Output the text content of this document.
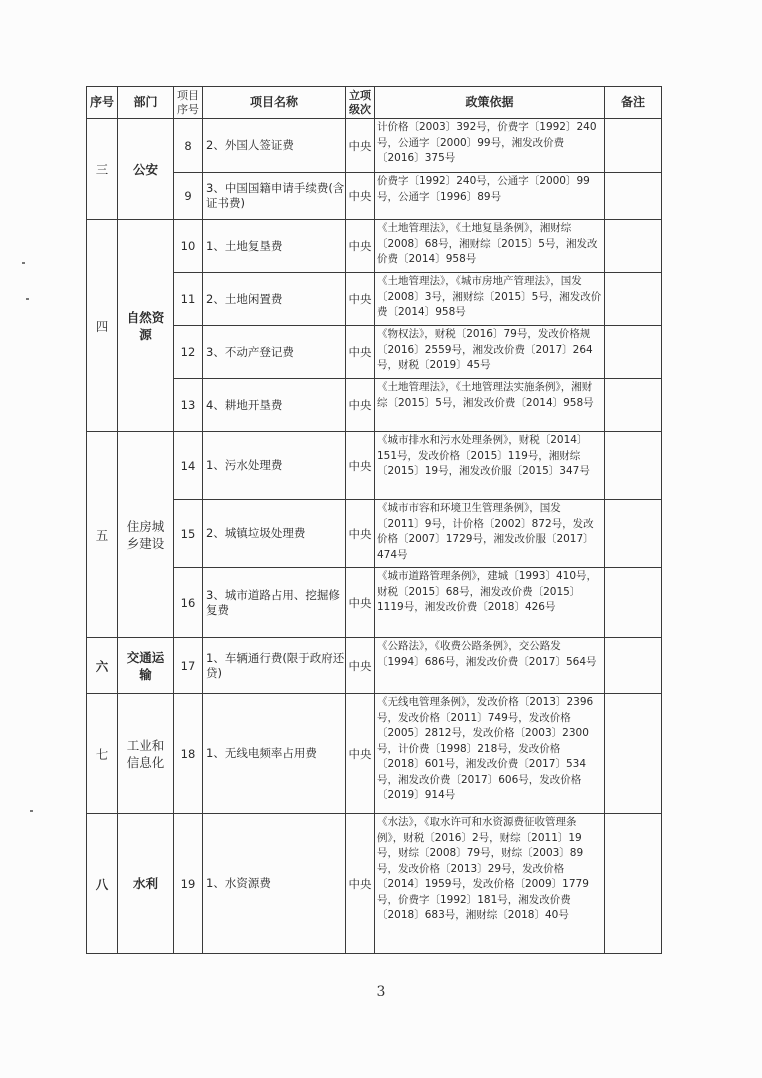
序号	部门	项目序号	项目名称	立项级次	政策依据	备注
三	公安	8	2、外国人签证费	中央	计价格〔2003〕392号，价费字〔1992〕240号，公通字〔2000〕99号，湘发改价费〔2016〕375号	
		9	3、中国国籍申请手续费(含证书费)	中央	价费字〔1992〕240号，公通字〔2000〕99号，公通字〔1996〕89号	
四	自然资源	10	1、土地复垦费	中央	《土地管理法》，《土地复垦条例》，湘财综〔2008〕68号，湘财综〔2015〕5号，湘发改价费〔2014〕958号	
		11	2、土地闲置费	中央	《土地管理法》，《城市房地产管理法》，国发〔2008〕3号，湘财综〔2015〕5号，湘发改价费〔2014〕958号	
		12	3、不动产登记费	中央	《物权法》，财税〔2016〕79号，发改价格规〔2016〕2559号，湘发改价费〔2017〕264号，财税〔2019〕45号	
		13	4、耕地开垦费	中央	《土地管理法》，《土地管理法实施条例》，湘财综〔2015〕5号，湘发改价费〔2014〕958号	
五	住房城乡建设	14	1、污水处理费	中央	《城市排水和污水处理条例》，财税〔2014〕151号，发改价格〔2015〕119号，湘财综〔2015〕19号，湘发改价服〔2015〕347号	
		15	2、城镇垃圾处理费	中央	《城市市容和环境卫生管理条例》，国发〔2011〕9号，计价格〔2002〕872号，发改价格〔2007〕1729号，湘发改价服〔2017〕474号	
		16	3、城市道路占用、挖掘修复费	中央	《城市道路管理条例》，建城〔1993〕410号，财税〔2015〕68号，湘发改价费〔2015〕1119号，湘发改价费〔2018〕426号	
六	交通运输	17	1、车辆通行费(限于政府还贷)	中央	《公路法》，《收费公路条例》，交公路发〔1994〕686号，湘发改价费〔2017〕564号	
七	工业和信息化	18	1、无线电频率占用费	中央	《无线电管理条例》，发改价格〔2013〕2396号，发改价格〔2011〕749号，发改价格〔2005〕2812号，发改价格〔2003〕2300号，计价费〔1998〕218号，发改价格〔2018〕601号，湘发改价费〔2017〕534号，湘发改价费〔2017〕606号，发改价格〔2019〕914号	
八	水利	19	1、水资源费	中央	《水法》，《取水许可和水资源费征收管理条例》，财税〔2016〕2号，财综〔2011〕19号，财综〔2008〕79号，财综〔2003〕89号，发改价格〔2013〕29号，发改价格〔2014〕1959号，发改价格〔2009〕1779号，价费字〔1992〕181号，湘发改价费〔2018〕683号，湘财综〔2018〕40号	
3
